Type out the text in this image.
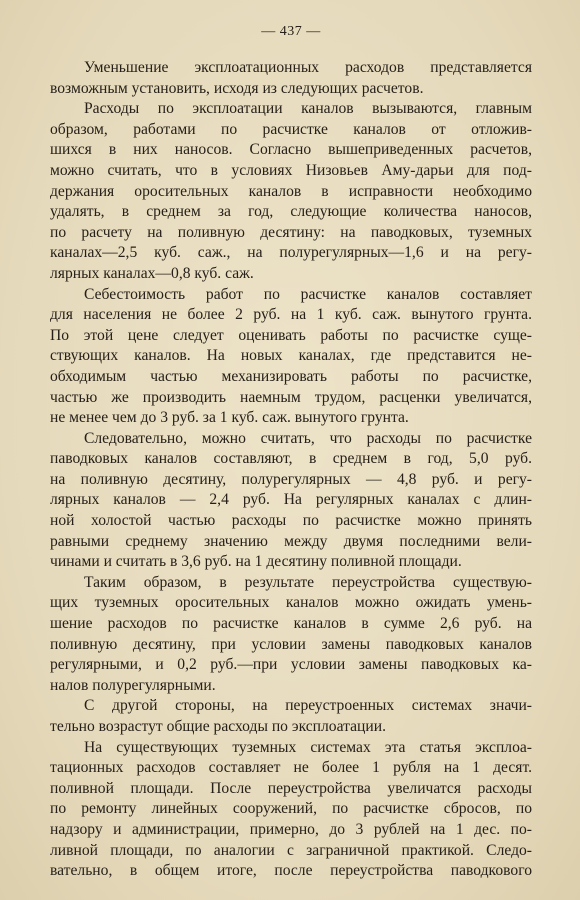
— 437 —

Уменьшение эксплоатационных расходов представляется
возможным установить, исходя из следующих расчетов.

Расходы по эксплоатации каналов вызываются, главным
образом, работами по расчистке каналов от отложив-
шихся в них наносов. Согласно вышеприведенных расчетов,
можно считать, что в условиях Низовьев Аму-дарьи для под-
держания оросительных каналов в исправности необходимо
удалять, в среднем за год, следующие количества наносов,
по расчету на поливную десятину: на паводковых, туземных
каналах—2,5 куб. саж., на полурегулярных—1,6 и на регу-
лярных каналах—0,8 куб. саж.

Себестоимость работ по расчистке каналов составляет
для населения не более 2 руб. на 1 куб. саж. вынутого грунта.
По этой цене следует оценивать работы по расчистке суще-
ствующих каналов. На новых каналах, где представится не-
обходимым частью механизировать работы по расчистке,
частью же производить наемным трудом, расценки увеличатся,
не менее чем до 3 руб. за 1 куб. саж. вынутого грунта.

Следовательно, можно считать, что расходы по расчистке
паводковых каналов составляют, в среднем в год, 5,0 руб.
на поливную десятину, полурегулярных — 4,8 руб. и регу-
лярных каналов — 2,4 руб. На регулярных каналах с длин-
ной холостой частью расходы по расчистке можно принять
равными среднему значению между двумя последними вели-
чинами и считать в 3,6 руб. на 1 десятину поливной площади.

Таким образом, в результате переустройства существую-
щих туземных оросительных каналов можно ожидать умень-
шение расходов по расчистке каналов в сумме 2,6 руб. на
поливную десятину, при условии замены паводковых каналов
регулярными, и 0,2 руб.—при условии замены паводковых ка-
налов полурегулярными.

С другой стороны, на переустроенных системах значи-
тельно возрастут общие расходы по эксплоатации.

На существующих туземных системах эта статья эксплоа-
тационных расходов составляет не более 1 рубля на 1 десят.
поливной площади. После переустройства увеличатся расходы
по ремонту линейных сооружений, по расчистке сбросов, по
надзору и администрации, примерно, до 3 рублей на 1 дес. по-
ливной площади, по аналогии с заграничной практикой. Следо-
вательно, в общем итоге, после переустройства паводкового
